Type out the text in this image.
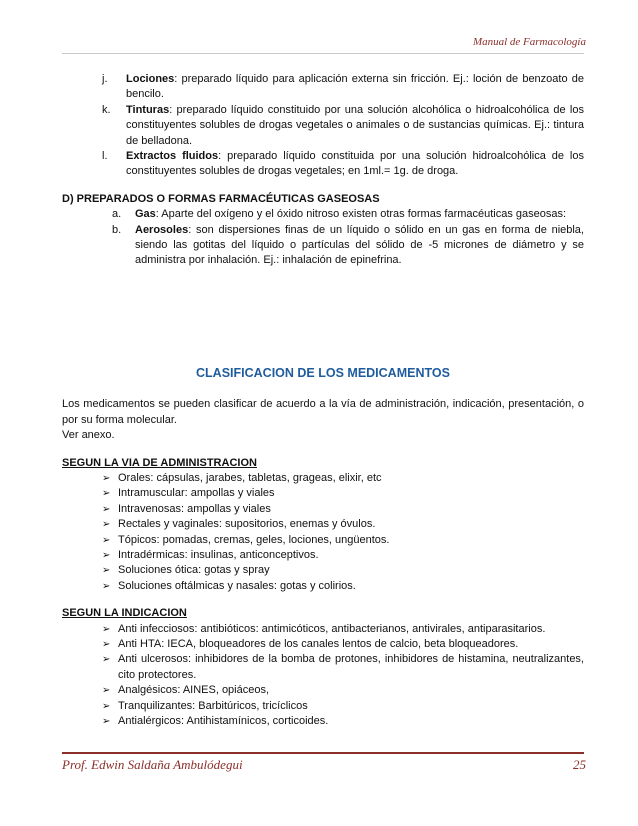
Manual de Farmacología
j. Lociones: preparado líquido para aplicación externa sin fricción. Ej.: loción de benzoato de bencilo.
k. Tinturas: preparado líquido constituido por una solución alcohólica o hidroalcohólica de los constituyentes solubles de drogas vegetales o animales o de sustancias químicas. Ej.: tintura de belladona.
l. Extractos fluidos: preparado líquido constituida por una solución hidroalcohólica de los constituyentes solubles de drogas vegetales; en 1ml.= 1g. de droga.
D) PREPARADOS O FORMAS FARMACÉUTICAS GASEOSAS
a. Gas: Aparte del oxígeno y el óxido nitroso existen otras formas farmacéuticas gaseosas:
b. Aerosoles: son dispersiones finas de un líquido o sólido en un gas en forma de niebla, siendo las gotitas del líquido o partículas del sólido de -5 micrones de diámetro y se administra por inhalación. Ej.: inhalación de epinefrina.
CLASIFICACION DE LOS MEDICAMENTOS
Los medicamentos se pueden clasificar de acuerdo a la vía de administración, indicación, presentación, o por su forma molecular.
Ver anexo.
SEGUN LA VIA DE ADMINISTRACION
➢ Orales: cápsulas, jarabes, tabletas, grageas, elixir, etc
➢ Intramuscular: ampollas y viales
➢ Intravenosas: ampollas y viales
➢ Rectales y vaginales: supositorios, enemas y óvulos.
➢ Tópicos: pomadas, cremas, geles, lociones, ungüentos.
➢ Intradérmicas: insulinas, anticonceptivos.
➢ Soluciones ótica: gotas y spray
➢ Soluciones oftálmicas y nasales: gotas y colirios.
SEGUN LA INDICACION
➢ Anti infecciosos: antibióticos: antimicóticos, antibacterianos, antivirales, antiparasitarios.
➢ Anti HTA: IECA, bloqueadores de los canales lentos de calcio, beta bloqueadores.
➢ Anti ulcerosos: inhibidores de la bomba de protones, inhibidores de histamina, neutralizantes, cito protectores.
➢ Analgésicos: AINES, opiáceos,
➢ Tranquilizantes: Barbitúricos, tricíclicos
➢ Antialérgicos: Antihistamínicos, corticoides.
Prof. Edwin Saldaña Ambulódegui	25
